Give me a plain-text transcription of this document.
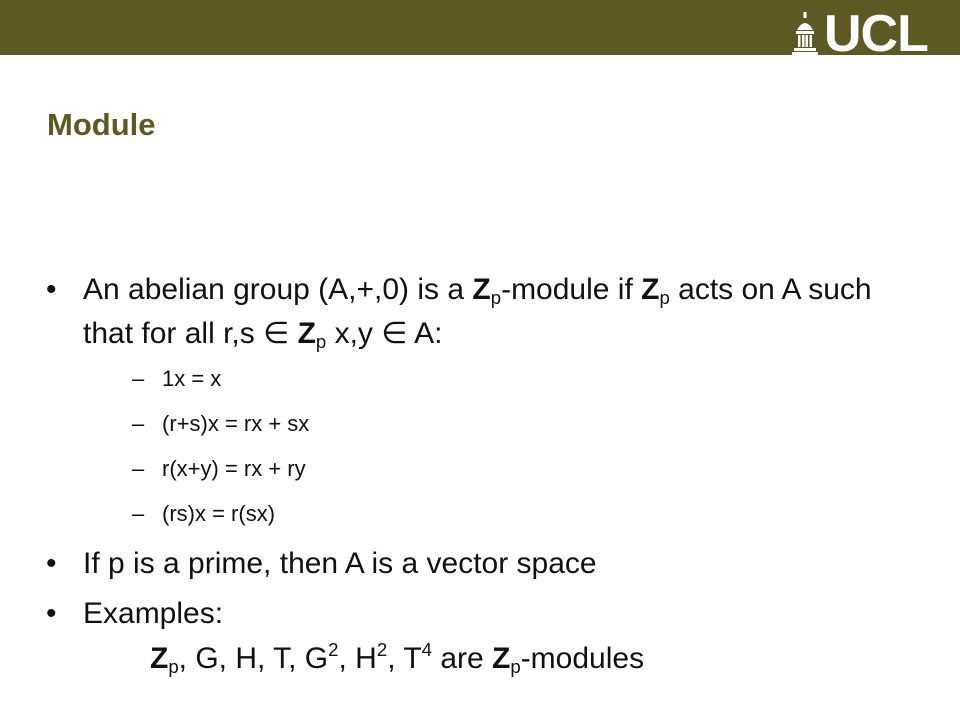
UCL
Module
• An abelian group (A,+,0) is a $Z_p$-module if $Z_p$ acts on A such that for all r,s ∈ $Z_p$ x,y ∈ A:
– 1x = x
– (r+s)x = rx + sx
– r(x+y) = rx + ry
– (rs)x = r(sx)
• If p is a prime, then A is a vector space
• Examples:
$Z_p$, G, H, T, $G^2$, $H^2$, $T^4$ are $Z_p$-modules
